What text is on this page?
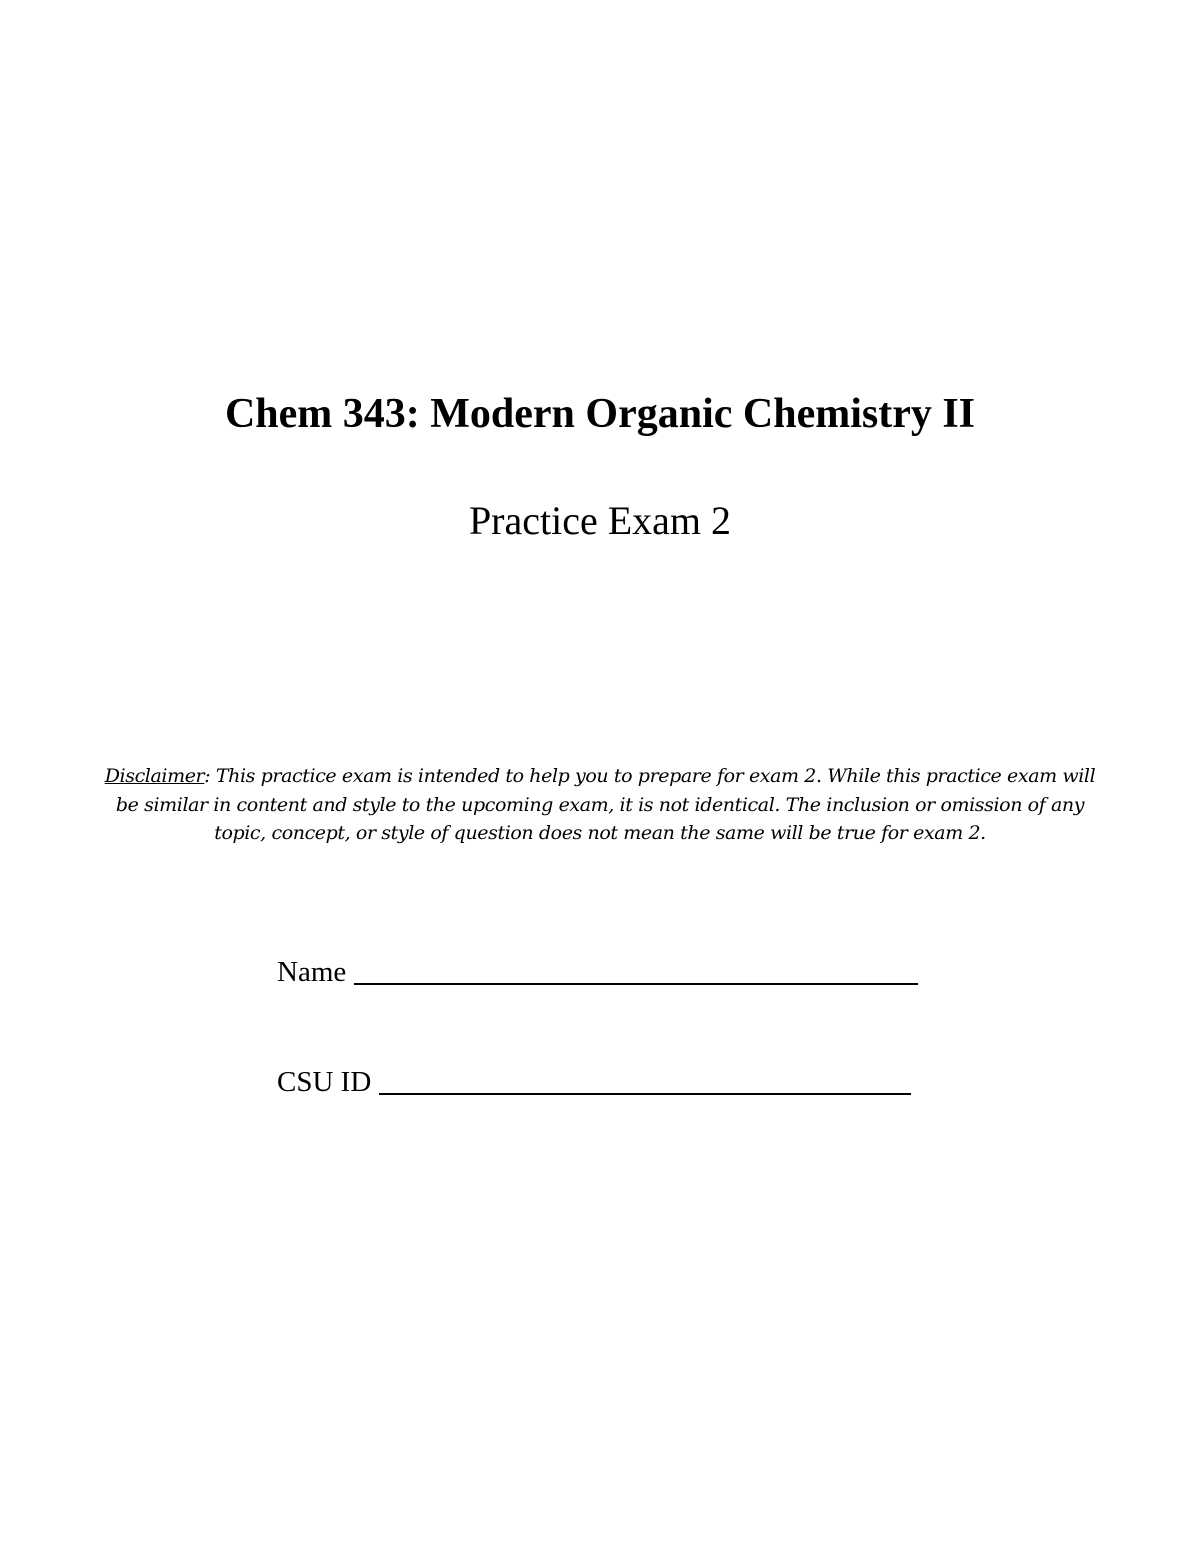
Chem 343: Modern Organic Chemistry II
Practice Exam 2

Disclaimer: This practice exam is intended to help you to prepare for exam 2. While this practice exam will be similar in content and style to the upcoming exam, it is not identical. The inclusion or omission of any topic, concept, or style of question does not mean the same will be true for exam 2.

Name
CSU ID
